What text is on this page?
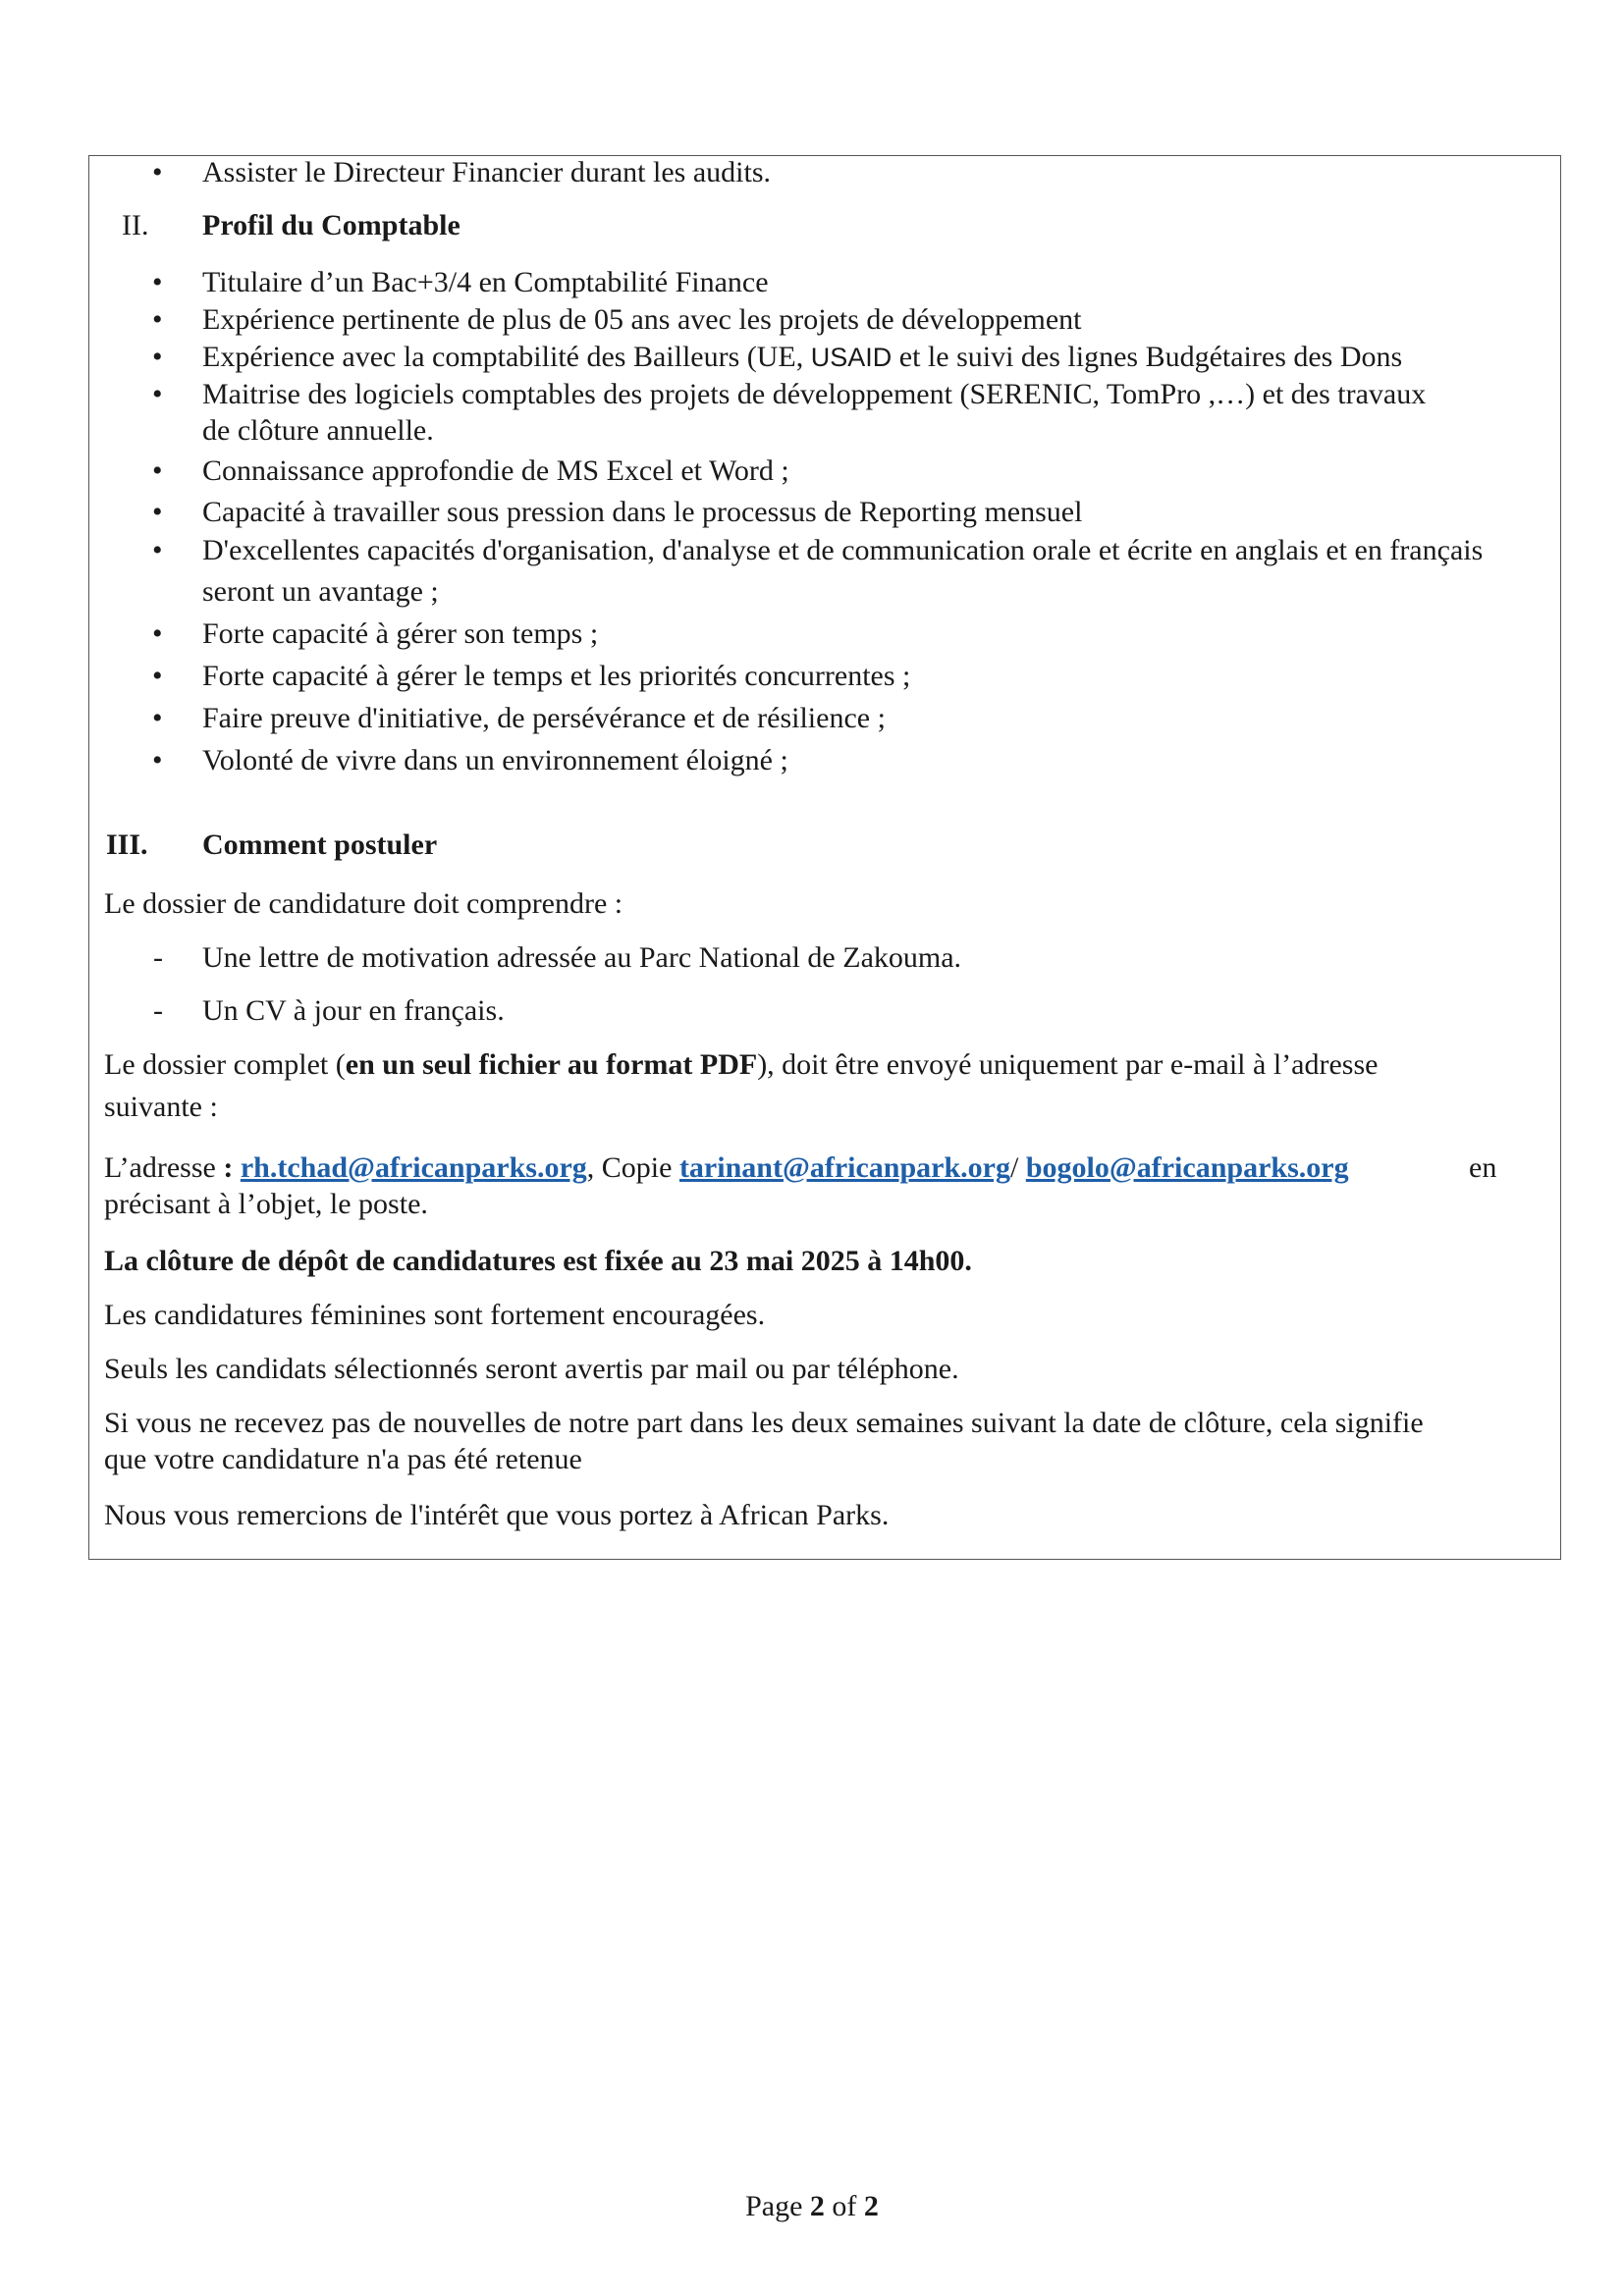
• Assister le Directeur Financier durant les audits.
II. Profil du Comptable
• Titulaire d’un Bac+3/4 en Comptabilité Finance
• Expérience pertinente de plus de 05 ans avec les projets de développement
• Expérience avec la comptabilité des Bailleurs (UE, USAID et le suivi des lignes Budgétaires des Dons
• Maitrise des logiciels comptables des projets de développement (SERENIC, TomPro ,…) et des travaux
de clôture annuelle.
• Connaissance approfondie de MS Excel et Word ;
• Capacité à travailler sous pression dans le processus de Reporting mensuel
• D'excellentes capacités d'organisation, d'analyse et de communication orale et écrite en anglais et en français
seront un avantage ;
• Forte capacité à gérer son temps ;
• Forte capacité à gérer le temps et les priorités concurrentes ;
• Faire preuve d'initiative, de persévérance et de résilience ;
• Volonté de vivre dans un environnement éloigné ;
III. Comment postuler
Le dossier de candidature doit comprendre :
- Une lettre de motivation adressée au Parc National de Zakouma.
- Un CV à jour en français.
Le dossier complet (en un seul fichier au format PDF), doit être envoyé uniquement par e-mail à l’adresse
suivante :
L’adresse : rh.tchad@africanparks.org, Copie tarinant@africanpark.org/ bogolo@africanparks.org	en
précisant à l’objet, le poste.
La clôture de dépôt de candidatures est fixée au 23 mai 2025 à 14h00.
Les candidatures féminines sont fortement encouragées.
Seuls les candidats sélectionnés seront avertis par mail ou par téléphone.
Si vous ne recevez pas de nouvelles de notre part dans les deux semaines suivant la date de clôture, cela signifie
que votre candidature n'a pas été retenue
Nous vous remercions de l'intérêt que vous portez à African Parks.
Page 2 of 2
